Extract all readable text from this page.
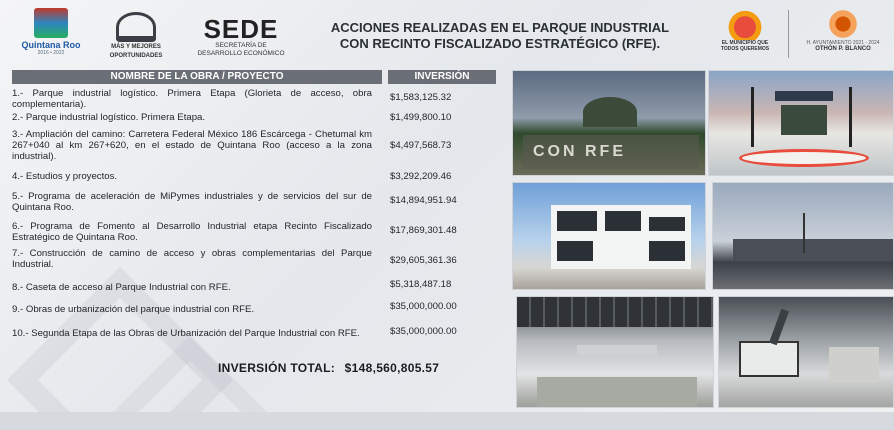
Quintana Roo
2016 • 2022
MÁS Y MEJORES
OPORTUNIDADES
SEDE
SECRETARÍA DE
DESARROLLO ECONÓMICO
ACCIONES REALIZADAS EN EL PARQUE INDUSTRIAL
CON RECINTO FISCALIZADO ESTRATÉGICO (RFE).	EL MUNICIPIO QUE
TODOS QUEREMOS
H. AYUNTAMIENTO 2021 - 2024
OTHÓN P. BLANCO
NOMBRE DE LA OBRA / PROYECTO	INVERSIÓN
1.- Parque industrial logístico. Primera Etapa (Glorieta de acceso, obra complementaria).
$1,583,125.32
2.- Parque industrial logístico. Primera Etapa.	$1,499,800.10
3.- Ampliación del camino: Carretera Federal México 186 Escárcega - Chetumal km 267+040 al km 267+620, en el estado de Quintana Roo (acceso a la zona industrial).
$4,497,568.73
4.- Estudios y proyectos.	$3,292,209.46
5.- Programa de aceleración de MiPymes industriales y de servicios del sur de Quintana Roo.
$14,894,951.94
6.- Programa de Fomento al Desarrollo Industrial etapa Recinto Fiscalizado Estratégico de Quintana Roo.
$17,869,301.48
7.- Construcción de camino de acceso y obras complementarias del Parque Industrial.	$29,605,361.36
8.- Caseta de acceso al Parque Industrial con RFE.	$5,318,487.18
9.- Obras de urbanización del parque industrial con RFE.	$35,000,000.00
10.- Segunda Etapa de las Obras de Urbanización del Parque Industrial con RFE.	$35,000,000.00
INVERSIÓN TOTAL: $148,560,805.57
CON RFE
